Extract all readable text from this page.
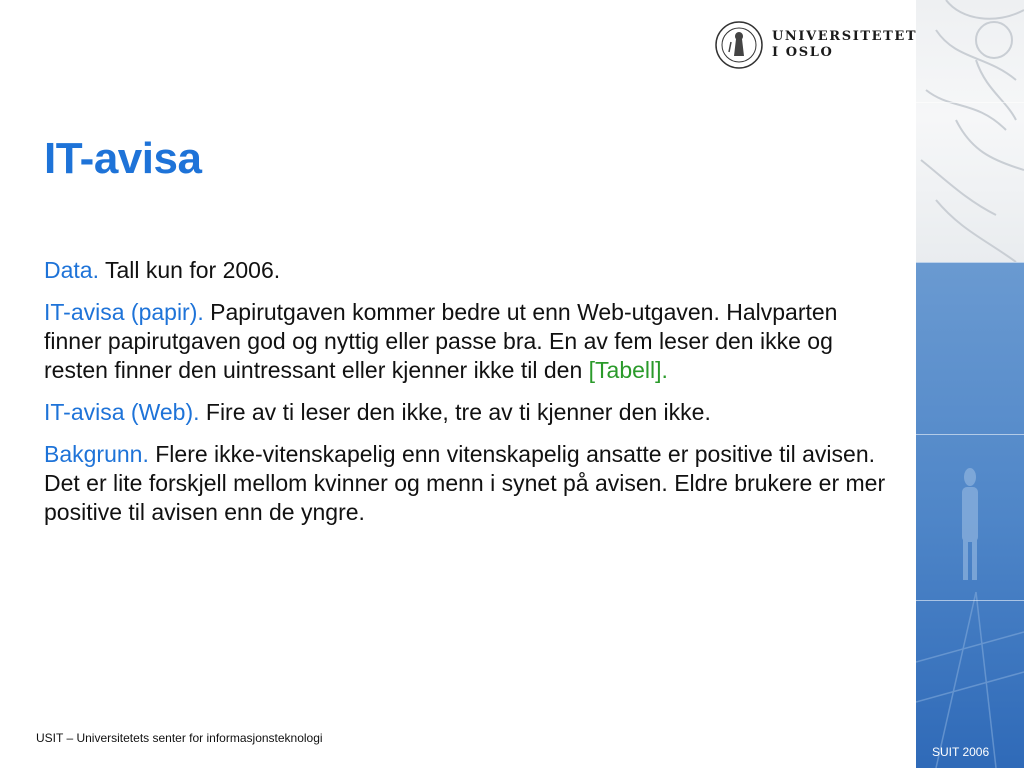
UNIVERSITETET
I OSLO
IT-avisa

Data. Tall kun for 2006.

IT-avisa (papir). Papirutgaven kommer bedre ut enn Web-utgaven. Halvparten finner papirutgaven god og nyttig eller passe bra. En av fem leser den ikke og resten finner den uintressant eller kjenner ikke til den [Tabell].

IT-avisa (Web). Fire av ti leser den ikke, tre av ti kjenner den ikke.

Bakgrunn. Flere ikke-vitenskapelig enn vitenskapelig ansatte er positive til avisen. Det er lite forskjell mellom kvinner og menn i synet på avisen. Eldre brukere er mer positive til avisen enn de yngre.

USIT – Universitetets senter for informasjonsteknologi
SUIT 2006
